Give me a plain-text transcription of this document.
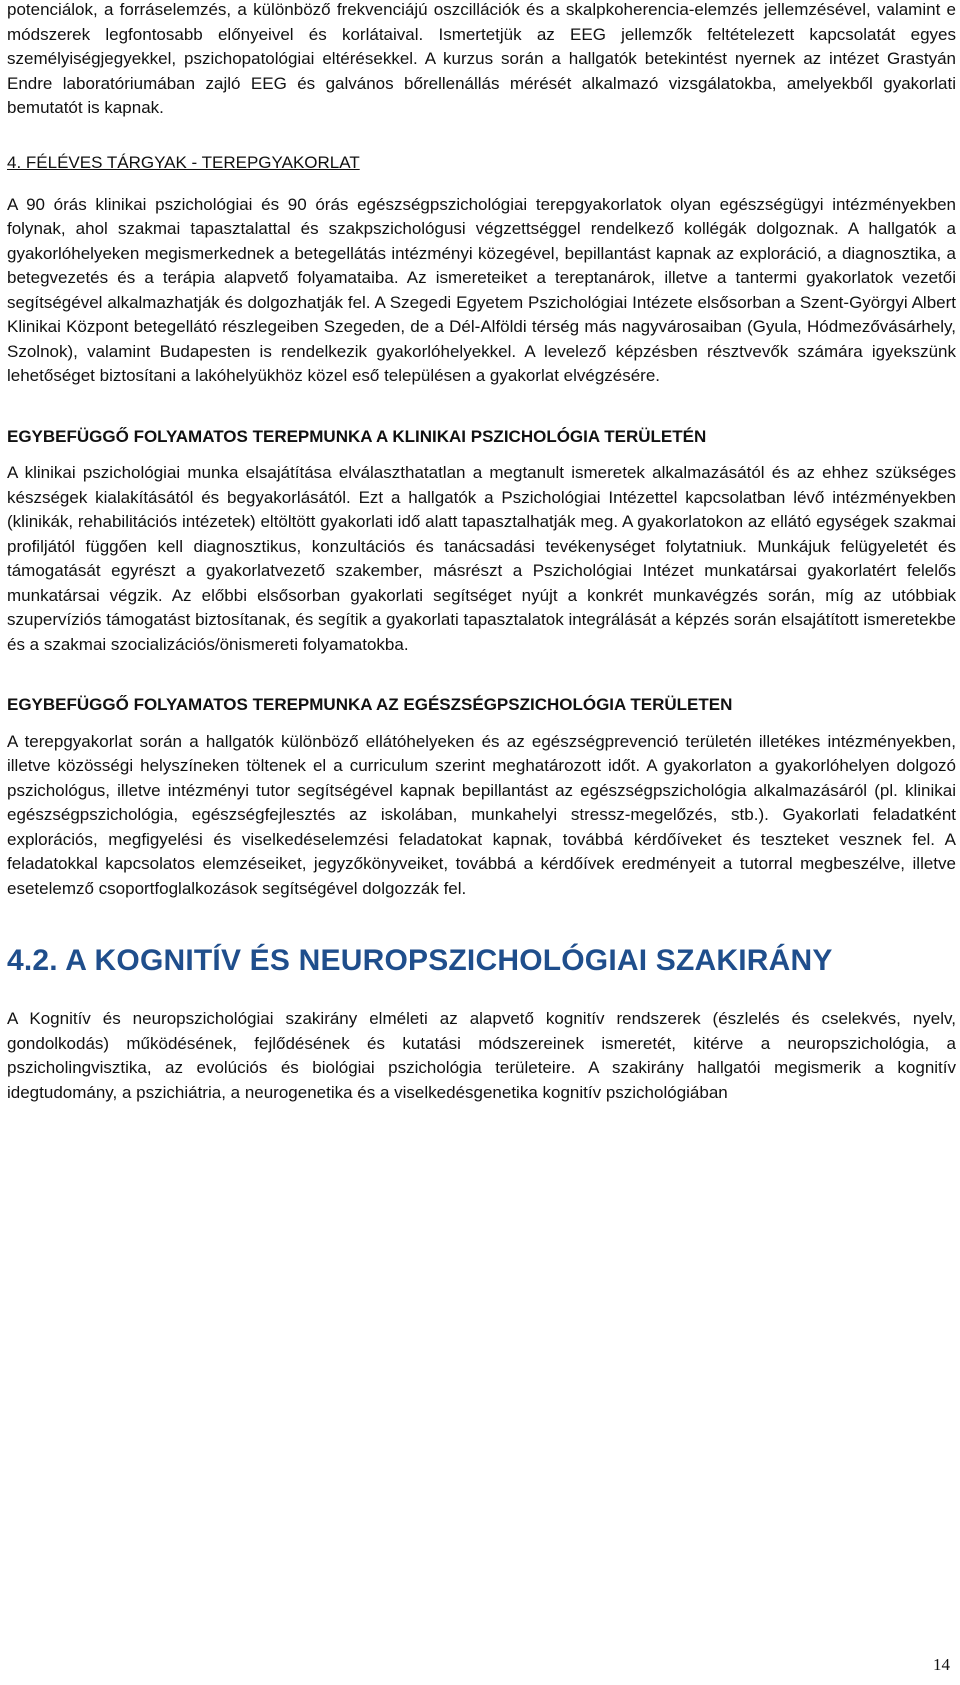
potenciálok, a forráselemzés, a különböző frekvenciájú oszcillációk és a skalpkoherencia-elemzés jellemzésével, valamint e módszerek legfontosabb előnyeivel és korlátaival. Ismertetjük az EEG jellemzők feltételezett kapcsolatát egyes személyiségjegyekkel, pszichopatológiai eltérésekkel. A kurzus során a hallgatók betekintést nyernek az intézet Grastyán Endre laboratóriumában zajló EEG és galvános bőrellenállás mérését alkalmazó vizsgálatokba, amelyekből gyakorlati bemutatót is kapnak.

4. FÉLÉVES TÁRGYAK - TEREPGYAKORLAT

A 90 órás klinikai pszichológiai és 90 órás egészségpszichológiai terepgyakorlatok olyan egészségügyi intézményekben folynak, ahol szakmai tapasztalattal és szakpszichológusi végzettséggel rendelkező kollégák dolgoznak. A hallgatók a gyakorlóhelyeken megismerkednek a betegellátás intézményi közegével, bepillantást kapnak az exploráció, a diagnosztika, a betegvezetés és a terápia alapvető folyamataiba. Az ismereteiket a tereptanárok, illetve a tantermi gyakorlatok vezetői segítségével alkalmazhatják és dolgozhatják fel. A Szegedi Egyetem Pszichológiai Intézete elsősorban a Szent-Györgyi Albert Klinikai Központ betegellátó részlegeiben Szegeden, de a Dél-Alföldi térség más nagyvárosaiban (Gyula, Hódmezővásárhely, Szolnok), valamint Budapesten is rendelkezik gyakorlóhelyekkel. A levelező képzésben résztvevők számára igyekszünk lehetőséget biztosítani a lakóhelyükhöz közel eső településen a gyakorlat elvégzésére.

EGYBEFÜGGŐ FOLYAMATOS TEREPMUNKA A KLINIKAI PSZICHOLÓGIA TERÜLETÉN

A klinikai pszichológiai munka elsajátítása elválaszthatatlan a megtanult ismeretek alkalmazásától és az ehhez szükséges készségek kialakításától és begyakorlásától. Ezt a hallgatók a Pszichológiai Intézettel kapcsolatban lévő intézményekben (klinikák, rehabilitációs intézetek) eltöltött gyakorlati idő alatt tapasztalhatják meg. A gyakorlatokon az ellátó egységek szakmai profiljától függően kell diagnosztikus, konzultációs és tanácsadási tevékenységet folytatniuk. Munkájuk felügyeletét és támogatását egyrészt a gyakorlatvezető szakember, másrészt a Pszichológiai Intézet munkatársai gyakorlatért felelős munkatársai végzik. Az előbbi elsősorban gyakorlati segítséget nyújt a konkrét munkavégzés során, míg az utóbbiak szupervíziós támogatást biztosítanak, és segítik a gyakorlati tapasztalatok integrálását a képzés során elsajátított ismeretekbe és a szakmai szocializációs/önismereti folyamatokba.

EGYBEFÜGGŐ FOLYAMATOS TEREPMUNKA AZ EGÉSZSÉGPSZICHOLÓGIA TERÜLETEN

A terepgyakorlat során a hallgatók különböző ellátóhelyeken és az egészségprevenció területén illetékes intézményekben, illetve közösségi helyszíneken töltenek el a curriculum szerint meghatározott időt. A gyakorlaton a gyakorlóhelyen dolgozó pszichológus, illetve intézményi tutor segítségével kapnak bepillantást az egészségpszichológia alkalmazásáról (pl. klinikai egészségpszichológia, egészségfejlesztés az iskolában, munkahelyi stressz-megelőzés, stb.). Gyakorlati feladatként explorációs, megfigyelési és viselkedéselemzési feladatokat kapnak, továbbá kérdőíveket és teszteket vesznek fel. A feladatokkal kapcsolatos elemzéseiket, jegyzőkönyveiket, továbbá a kérdőívek eredményeit a tutorral megbeszélve, illetve esetelemző csoportfoglalkozások segítségével dolgozzák fel.

4.2. A KOGNITÍV ÉS NEUROPSZICHOLÓGIAI SZAKIRÁNY

A Kognitív és neuropszichológiai szakirány elméleti az alapvető kognitív rendszerek (észlelés és cselekvés, nyelv, gondolkodás) működésének, fejlődésének és kutatási módszereinek ismeretét, kitérve a neuropszichológia, a pszicholingvisztika, az evolúciós és biológiai pszichológia területeire. A szakirány hallgatói megismerik a kognitív idegtudomány, a pszichiátria, a neurogenetika és a viselkedésgenetika kognitív pszichológiában

14
